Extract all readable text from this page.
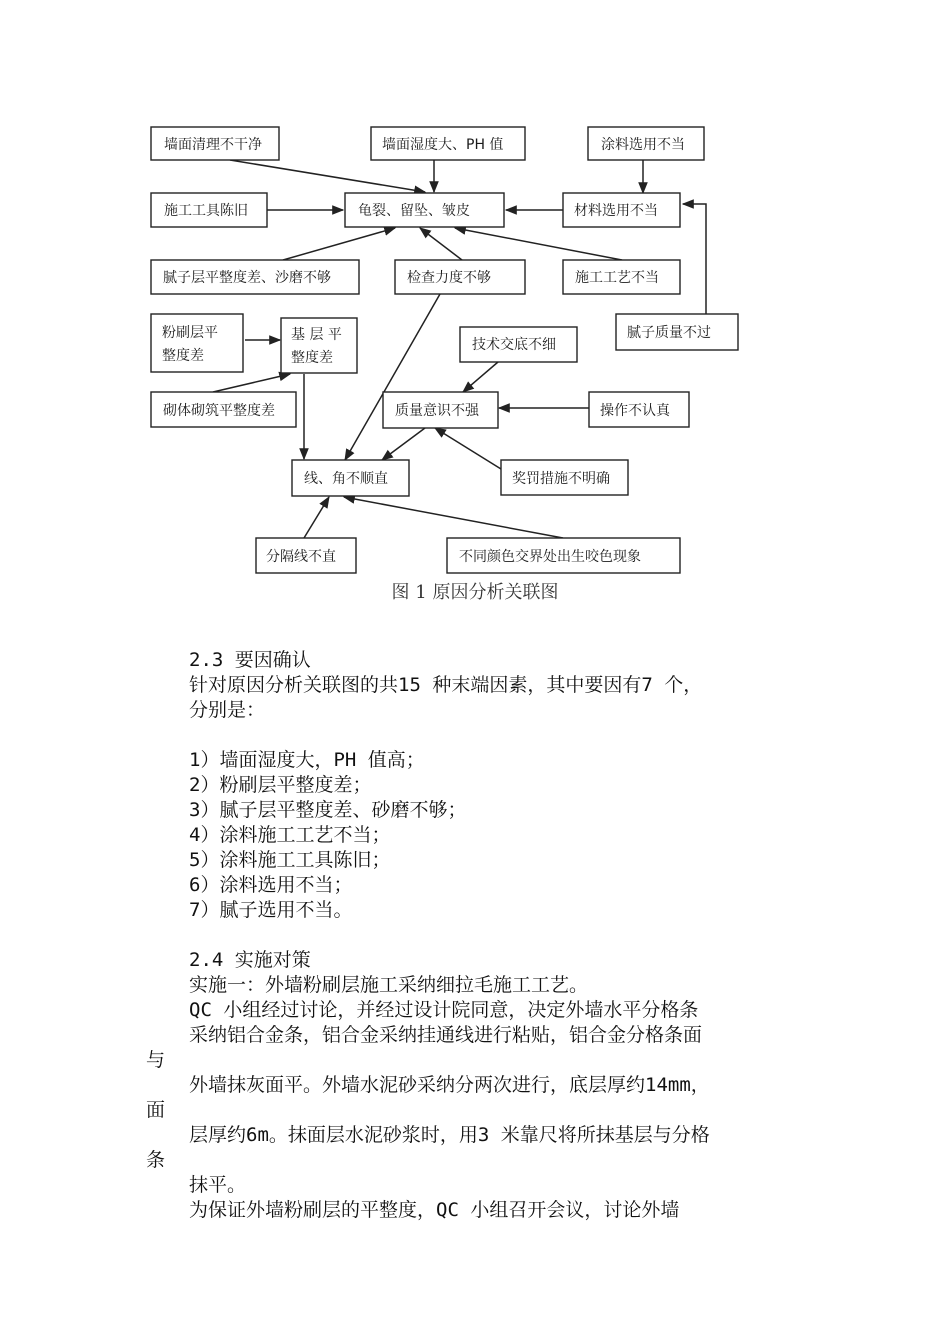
墙面清理不干净	墙面湿度大、PH 值	涂料选用不当
施工工具陈旧	龟裂、留坠、皱皮	材料选用不当
腻子层平整度差、沙磨不够	检查力度不够	施工工艺不当
粉刷层平
整度差
基 层 平
整度差
腻子质量不过
技术交底不细
砌体砌筑平整度差	质量意识不强	操作不认真
线、角不顺直	奖罚措施不明确
分隔线不直	不同颜色交界处出生咬色现象
图 1 原因分析关联图
2.3 要因确认
针对原因分析关联图的共15 种末端因素，其中要因有7 个，
分别是：
1）墙面湿度大，PH 值高；
2）粉刷层平整度差；
3）腻子层平整度差、砂磨不够；
4）涂料施工工艺不当；
5）涂料施工工具陈旧；
6）涂料选用不当；
7）腻子选用不当。
2.4 实施对策
实施一：外墙粉刷层施工采纳细拉毛施工工艺。
QC 小组经过讨论，并经过设计院同意，决定外墙水平分格条
采纳铝合金条，铝合金采纳挂通线进行粘贴，铝合金分格条面
与
外墙抹灰面平。外墙水泥砂采纳分两次进行，底层厚约14mm，
面
层厚约6m。抹面层水泥砂浆时，用3 米靠尺将所抹基层与分格
条
抹平。
为保证外墙粉刷层的平整度，QC 小组召开会议，讨论外墙
